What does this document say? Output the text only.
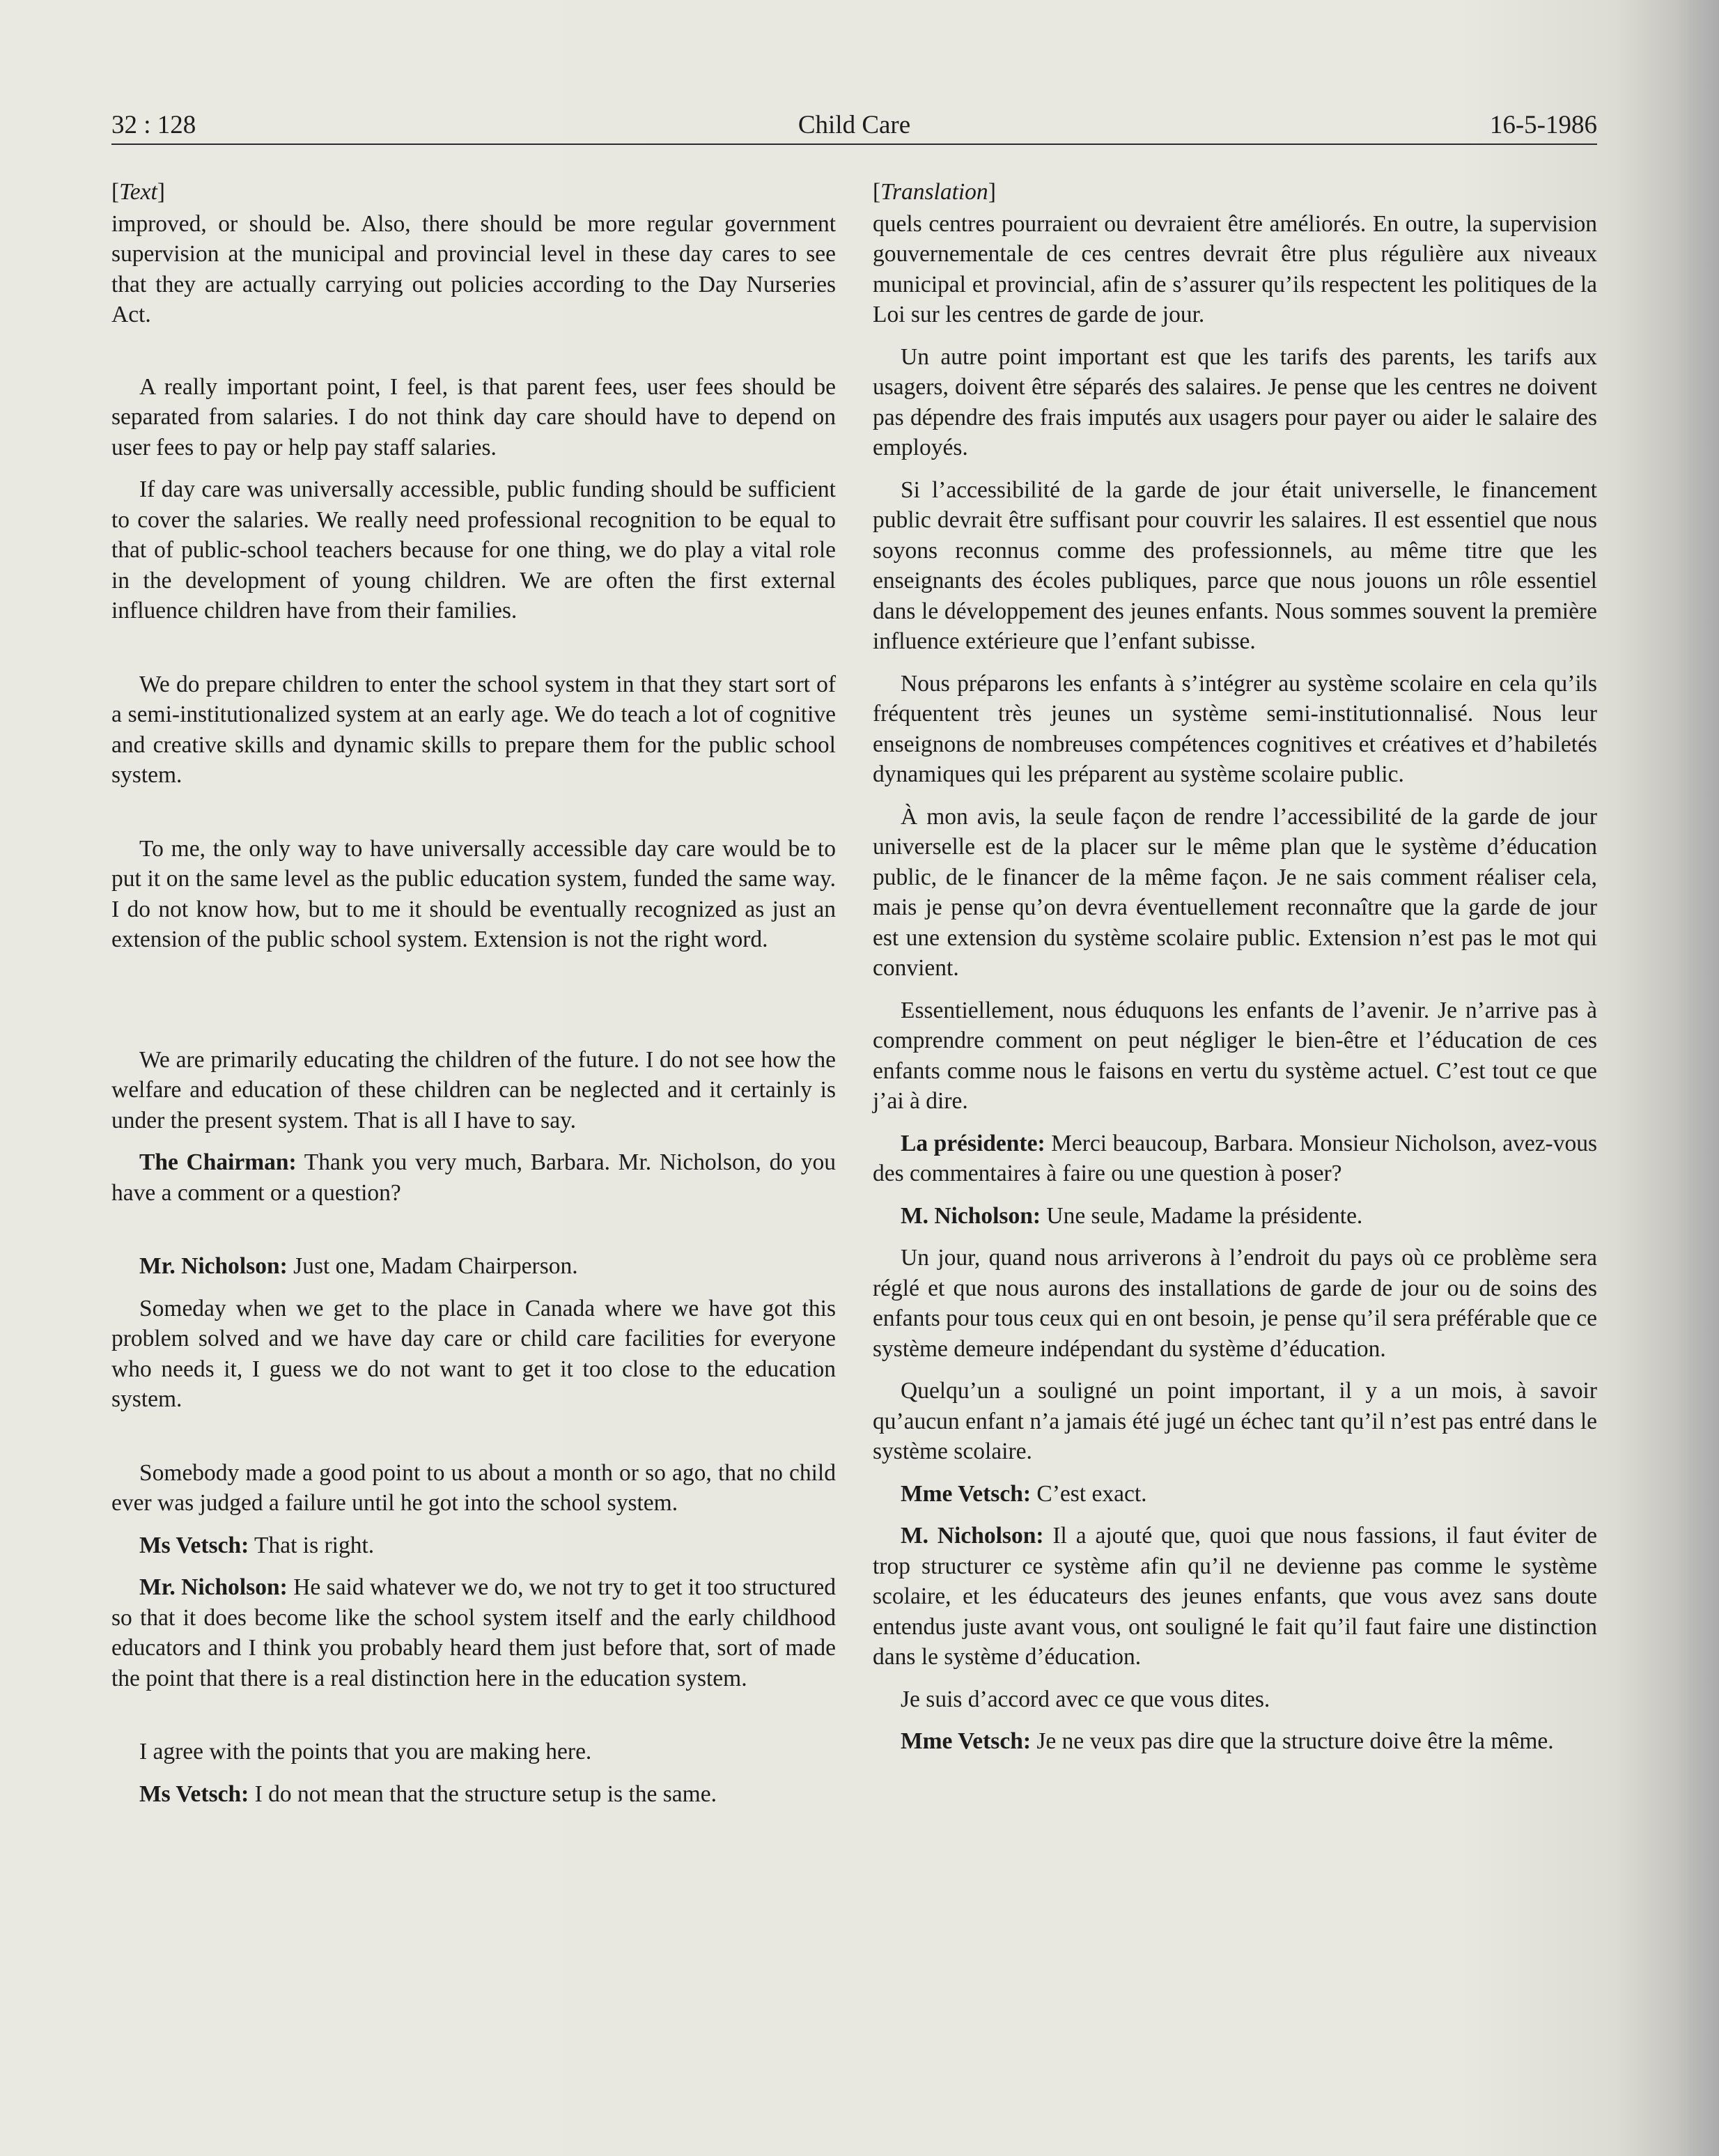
32 : 128	Child Care	16-5-1986
[Text]

improved, or should be. Also, there should be more regular government supervision at the municipal and provincial level in these day cares to see that they are actually carrying out policies according to the Day Nurseries Act.

A really important point, I feel, is that parent fees, user fees should be separated from salaries. I do not think day care should have to depend on user fees to pay or help pay staff salaries.

If day care was universally accessible, public funding should be sufficient to cover the salaries. We really need professional recognition to be equal to that of public-school teachers because for one thing, we do play a vital role in the development of young children. We are often the first external influence children have from their families.

We do prepare children to enter the school system in that they start sort of a semi-institutionalized system at an early age. We do teach a lot of cognitive and creative skills and dynamic skills to prepare them for the public school system.

To me, the only way to have universally accessible day care would be to put it on the same level as the public education system, funded the same way. I do not know how, but to me it should be eventually recognized as just an extension of the public school system. Extension is not the right word.

We are primarily educating the children of the future. I do not see how the welfare and education of these children can be neglected and it certainly is under the present system. That is all I have to say.

The Chairman: Thank you very much, Barbara. Mr. Nicholson, do you have a comment or a question?

Mr. Nicholson: Just one, Madam Chairperson.

Someday when we get to the place in Canada where we have got this problem solved and we have day care or child care facilities for everyone who needs it, I guess we do not want to get it too close to the education system.

Somebody made a good point to us about a month or so ago, that no child ever was judged a failure until he got into the school system.

Ms Vetsch: That is right.

Mr. Nicholson: He said whatever we do, we not try to get it too structured so that it does become like the school system itself and the early childhood educators and I think you probably heard them just before that, sort of made the point that there is a real distinction here in the education system.

I agree with the points that you are making here.

Ms Vetsch: I do not mean that the structure setup is the same.

[Translation]

quels centres pourraient ou devraient être améliorés. En outre, la supervision gouvernementale de ces centres devrait être plus régulière aux niveaux municipal et provincial, afin de s’assurer qu’ils respectent les politiques de la Loi sur les centres de garde de jour.

Un autre point important est que les tarifs des parents, les tarifs aux usagers, doivent être séparés des salaires. Je pense que les centres ne doivent pas dépendre des frais imputés aux usagers pour payer ou aider le salaire des employés.

Si l’accessibilité de la garde de jour était universelle, le financement public devrait être suffisant pour couvrir les salaires. Il est essentiel que nous soyons reconnus comme des professionnels, au même titre que les enseignants des écoles publiques, parce que nous jouons un rôle essentiel dans le développement des jeunes enfants. Nous sommes souvent la première influence extérieure que l’enfant subisse.

Nous préparons les enfants à s’intégrer au système scolaire en cela qu’ils fréquentent très jeunes un système semi-institutionnalisé. Nous leur enseignons de nombreuses compétences cognitives et créatives et d’habiletés dynamiques qui les préparent au système scolaire public.

À mon avis, la seule façon de rendre l’accessibilité de la garde de jour universelle est de la placer sur le même plan que le système d’éducation public, de le financer de la même façon. Je ne sais comment réaliser cela, mais je pense qu’on devra éventuellement reconnaître que la garde de jour est une extension du système scolaire public. Extension n’est pas le mot qui convient.

Essentiellement, nous éduquons les enfants de l’avenir. Je n’arrive pas à comprendre comment on peut négliger le bien-être et l’éducation de ces enfants comme nous le faisons en vertu du système actuel. C’est tout ce que j’ai à dire.

La présidente: Merci beaucoup, Barbara. Monsieur Nicholson, avez-vous des commentaires à faire ou une question à poser?

M. Nicholson: Une seule, Madame la présidente.

Un jour, quand nous arriverons à l’endroit du pays où ce problème sera réglé et que nous aurons des installations de garde de jour ou de soins des enfants pour tous ceux qui en ont besoin, je pense qu’il sera préférable que ce système demeure indépendant du système d’éducation.

Quelqu’un a souligné un point important, il y a un mois, à savoir qu’aucun enfant n’a jamais été jugé un échec tant qu’il n’est pas entré dans le système scolaire.

Mme Vetsch: C’est exact.

M. Nicholson: Il a ajouté que, quoi que nous fassions, il faut éviter de trop structurer ce système afin qu’il ne devienne pas comme le système scolaire, et les éducateurs des jeunes enfants, que vous avez sans doute entendus juste avant vous, ont souligné le fait qu’il faut faire une distinction dans le système d’éducation.

Je suis d’accord avec ce que vous dites.

Mme Vetsch: Je ne veux pas dire que la structure doive être la même.
